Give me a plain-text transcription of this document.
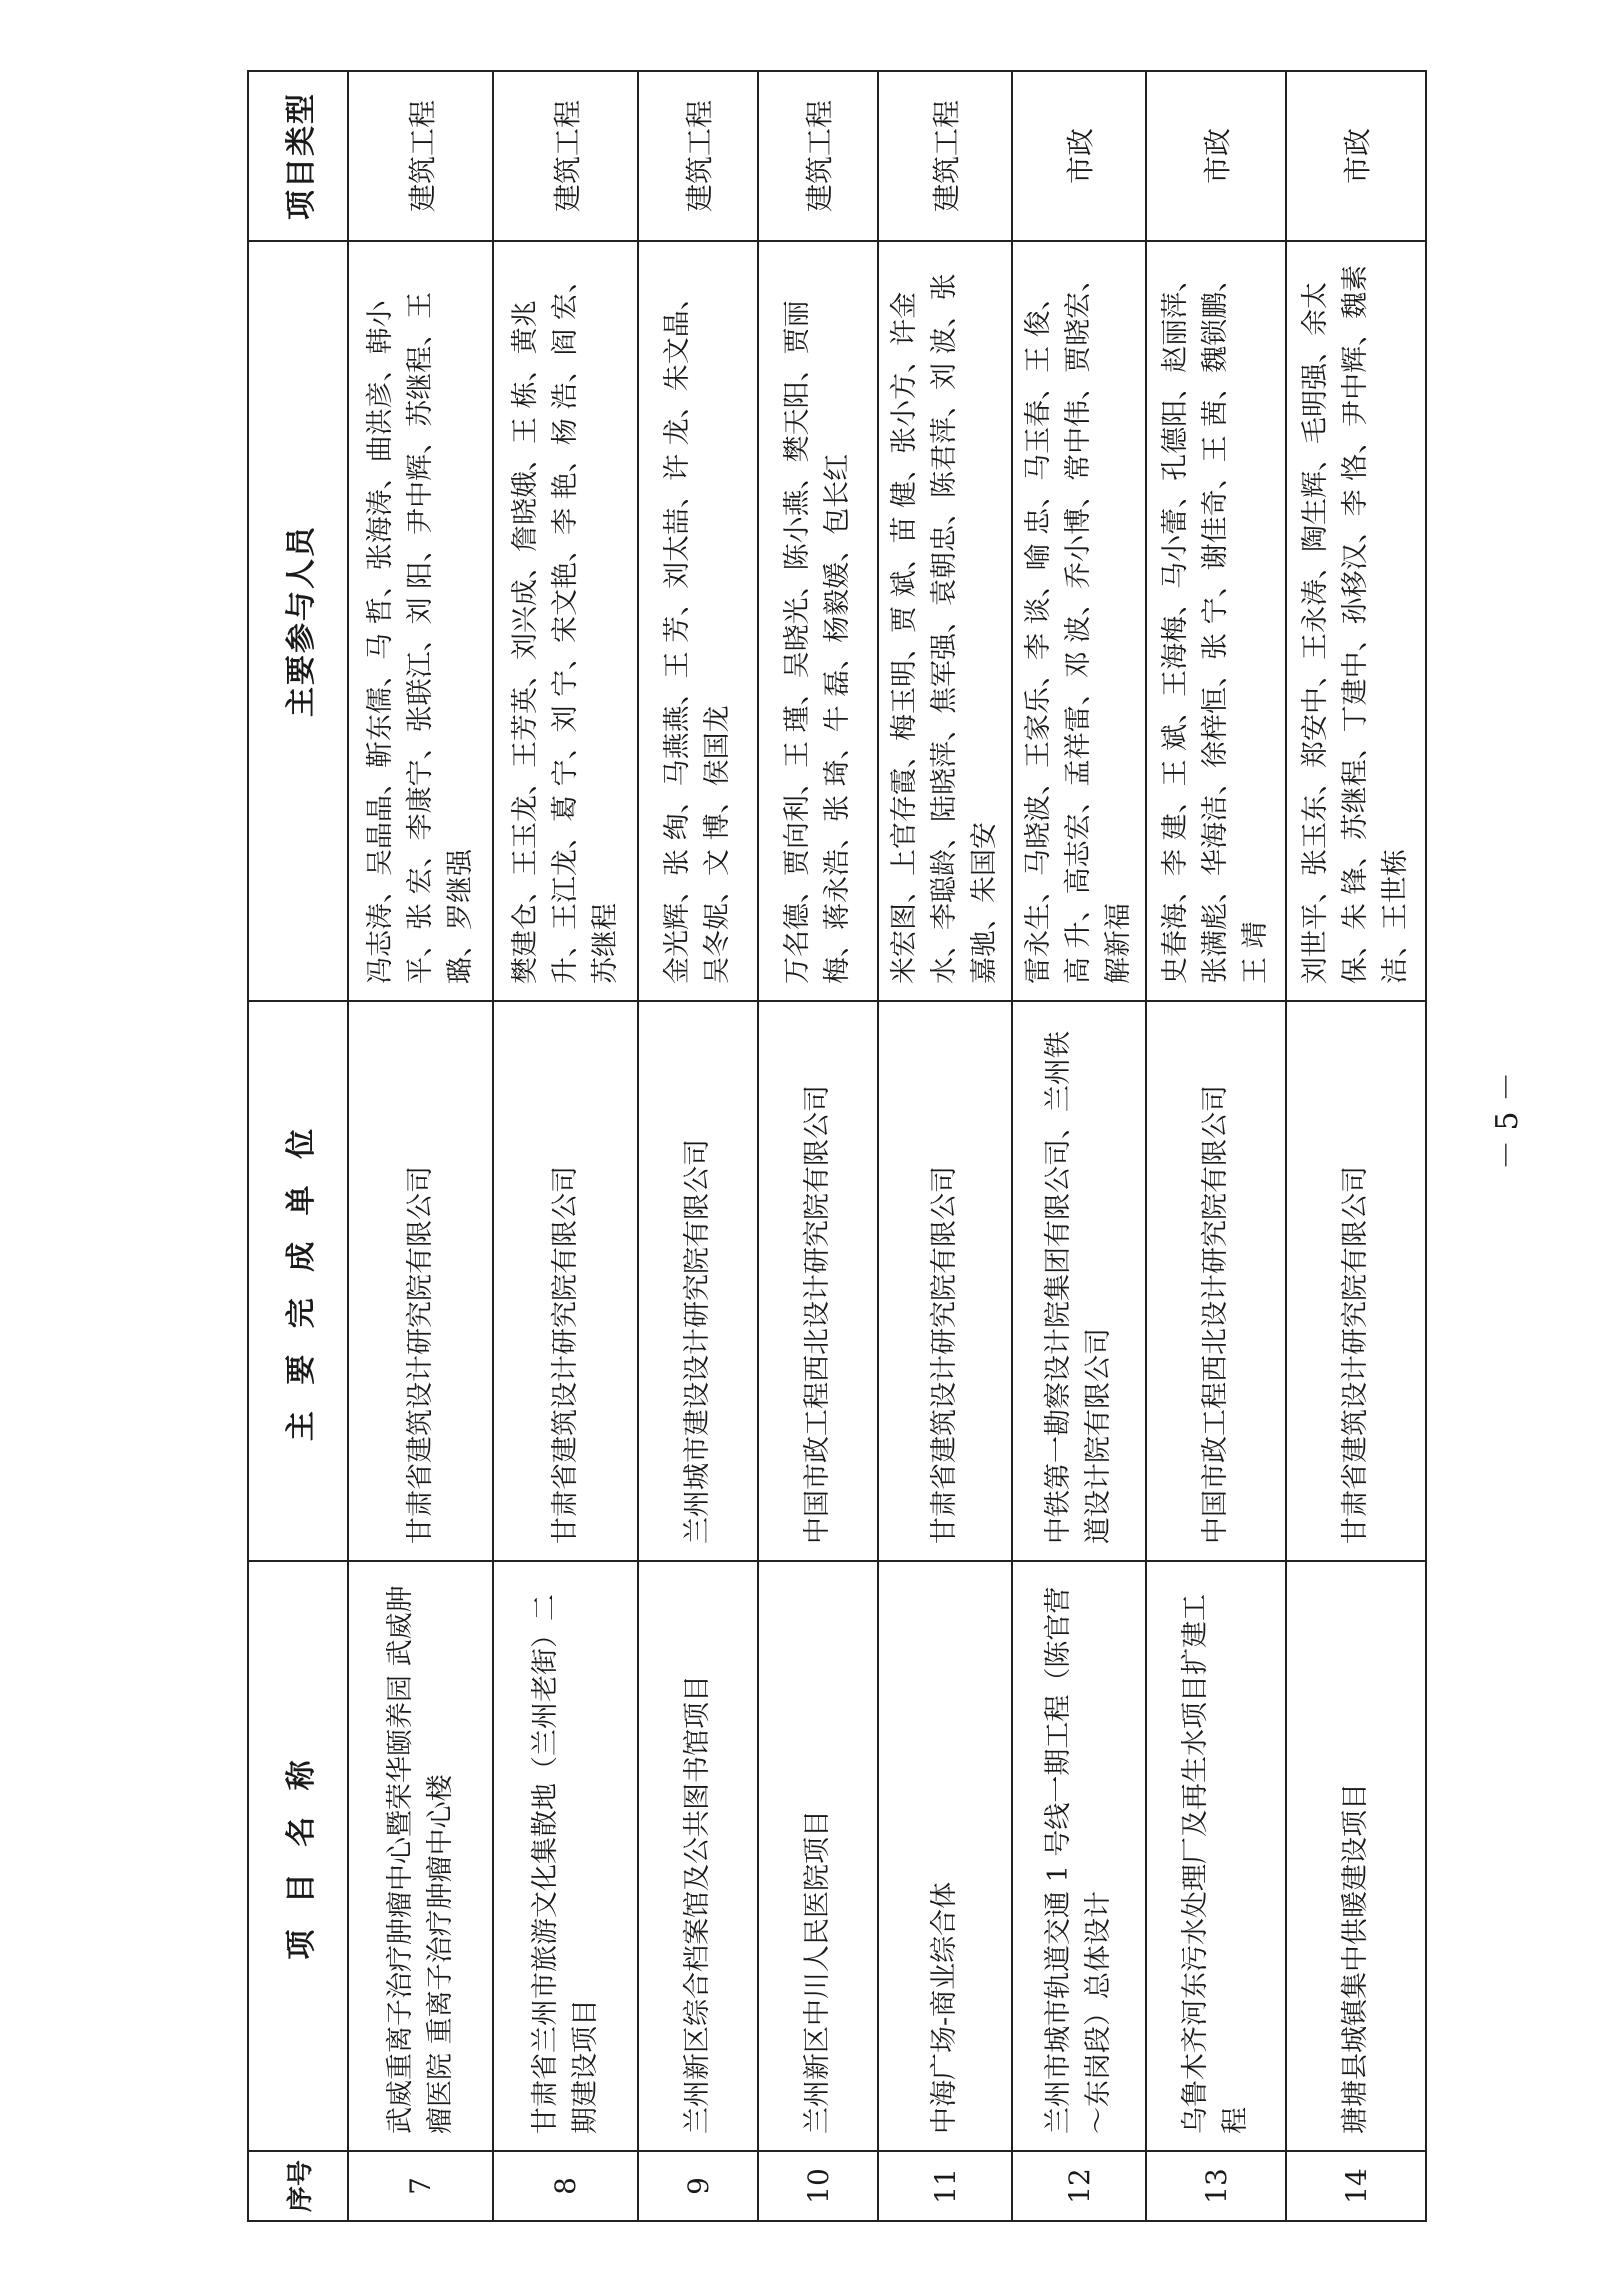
序号	项 目 名 称	主 要 完 成 单 位	主要参与人员	项目类型
7	武威重离子治疗肿瘤中心暨荣华颐养园 武威肿瘤医院 重离子治疗肿瘤中心楼	甘肃省建筑设计研究院有限公司	冯志涛、吴晶晶、靳东儒、马 哲、张海涛、曲洪彦、韩小平、张 宏、李康宁、张联江、刘 阳、尹中辉、苏继程、王 璐、罗继强	建筑工程
8	甘肃省兰州市旅游文化集散地（兰州老街）二期建设项目	甘肃省建筑设计研究院有限公司	樊建仓、王玉龙、王芳英、刘兴成、詹晓娥、王 栋、黄兆升、王江龙、葛 宁、刘 宁、宋文艳、李 艳、杨 浩、阎 宏、苏继程	建筑工程
9	兰州新区综合档案馆及公共图书馆项目	兰州城市建设设计研究院有限公司	金光辉、张 绚、马燕燕、王 芳、刘太喆、许 龙、朱文晶、吴冬妮、文 博、侯国龙	建筑工程
10	兰州新区中川人民医院项目	中国市政工程西北设计研究院有限公司	万名德、贾向利、王 瑾、吴晓光、陈小燕、樊天阳、贾丽梅、蒋永浩、张 琦、牛 磊、杨毅媛、包长红	建筑工程
11	中海广场-商业综合体	甘肃省建筑设计研究院有限公司	米宏图、上官存霞、梅玉明、贾 斌、苗 健、张小方、许金水、李聪龄、陆晓萍、焦军强、袁朝忠、陈君萍、刘 波、张嘉驰、朱国安	建筑工程
12	兰州市城市轨道交通 1 号线一期工程（陈官营～东岗段）总体设计	中铁第一勘察设计院集团有限公司、兰州铁道设计院有限公司	雷永生、马晓波、王家乐、李 谈、喻 忠、马玉春、王 俊、高 升、高志宏、孟祥雷、邓 波、乔小博、常中伟、贾晓宏、解新福	市政
13	乌鲁木齐河东污水处理厂及再生水项目扩建工程	中国市政工程西北设计研究院有限公司	史春海、李 建、王 斌、王海梅、马小蕾、孔德阳、赵丽萍、张满彪、华海洁、徐梓恒、张 宁、谢佳奇、王 茜、魏锁鹏、王 靖	市政
14	瑭塘县城镇集中供暖建设项目	甘肃省建筑设计研究院有限公司	刘世平、张玉东、郑安中、王永涛、陶生辉、毛明强、余太保、朱 锋、苏继程、丁建中、孙移汉、李 恪、尹中辉、魏素洁、王世栋	市政
－ 5 －
